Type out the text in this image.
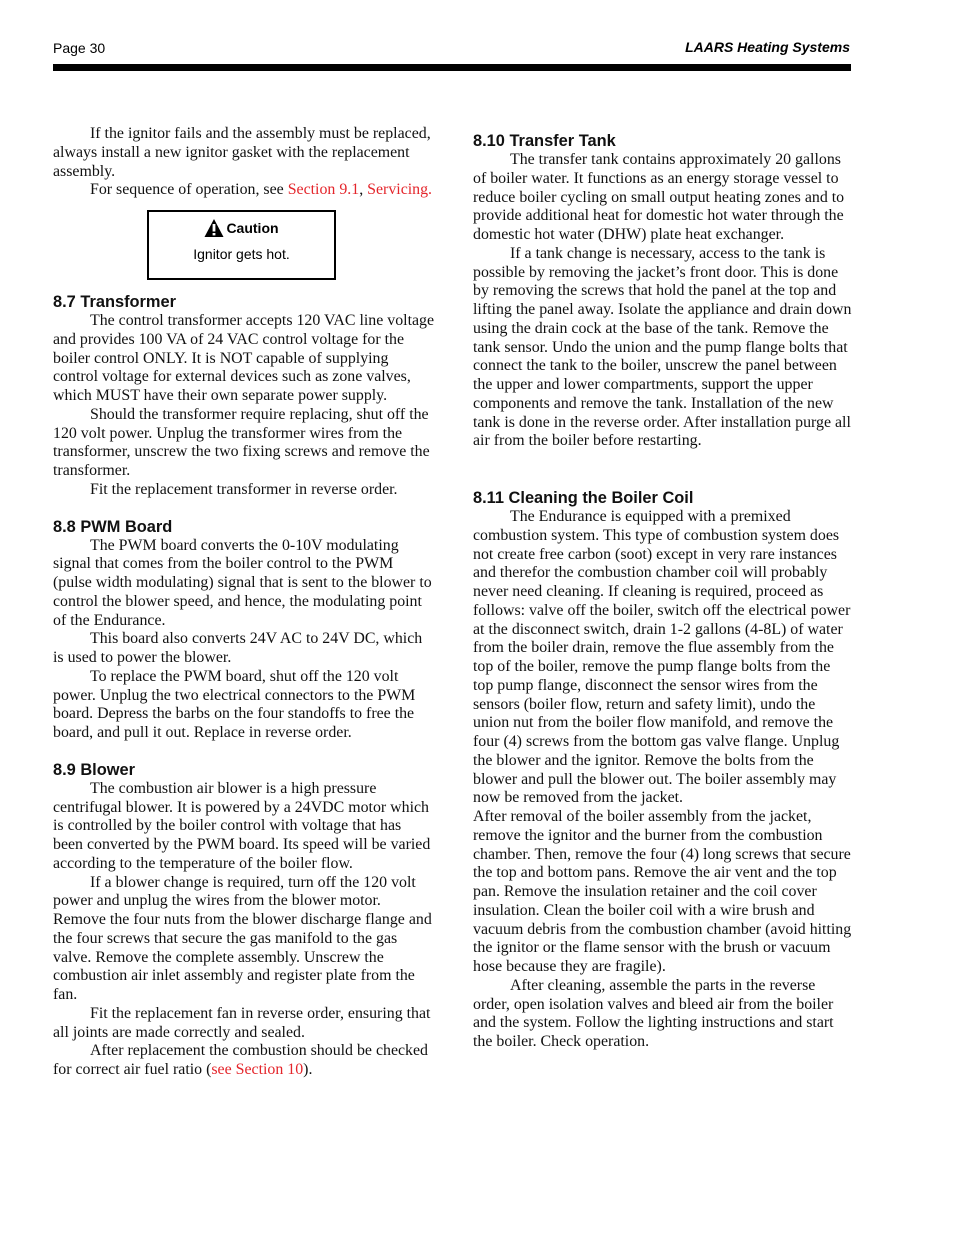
Page 30	LAARS Heating Systems

If the ignitor fails and the assembly must be replaced, always install a new ignitor gasket with the replacement assembly.

For sequence of operation, see Section 9.1, Servicing.

Caution
Ignitor gets hot.
8.7 Transformer

The control transformer accepts 120 VAC line voltage and provides 100 VA of 24 VAC control voltage for the boiler control ONLY. It is NOT capable of supplying control voltage for external devices such as zone valves, which MUST have their own separate power supply.

Should the transformer require replacing, shut off the 120 volt power. Unplug the transformer wires from the transformer, unscrew the two fixing screws and remove the transformer.

Fit the replacement transformer in reverse order.

8.8 PWM Board

The PWM board converts the 0-10V modulating signal that comes from the boiler control to the PWM (pulse width modulating) signal that is sent to the blower to control the blower speed, and hence, the modulating point of the Endurance.

This board also converts 24V AC to 24V DC, which is used to power the blower.

To replace the PWM board, shut off the 120 volt power. Unplug the two electrical connectors to the PWM board. Depress the barbs on the four standoffs to free the board, and pull it out. Replace in reverse order.

8.9 Blower

The combustion air blower is a high pressure centrifugal blower. It is powered by a 24VDC motor which is controlled by the boiler control with voltage that has been converted by the PWM board. Its speed will be varied according to the temperature of the boiler flow.

If a blower change is required, turn off the 120 volt power and unplug the wires from the blower motor. Remove the four nuts from the blower discharge flange and the four screws that secure the gas manifold to the gas valve. Remove the complete assembly. Unscrew the combustion air inlet assembly and register plate from the fan.

Fit the replacement fan in reverse order, ensuring that all joints are made correctly and sealed.

After replacement the combustion should be checked for correct air fuel ratio (see Section 10).

8.10 Transfer Tank

The transfer tank contains approximately 20 gallons of boiler water. It functions as an energy storage vessel to reduce boiler cycling on small output heating zones and to provide additional heat for domestic hot water through the domestic hot water (DHW) plate heat exchanger.

If a tank change is necessary, access to the tank is possible by removing the jacket’s front door. This is done by removing the screws that hold the panel at the top and lifting the panel away. Isolate the appliance and drain down using the drain cock at the base of the tank. Remove the tank sensor. Undo the union and the pump flange bolts that connect the tank to the boiler, unscrew the panel between the upper and lower compartments, support the upper components and remove the tank. Installation of the new tank is done in the reverse order. After installation purge all air from the boiler before restarting.

8.11 Cleaning the Boiler Coil

The Endurance is equipped with a premixed combustion system. This type of combustion system does not create free carbon (soot) except in very rare instances and therefor the combustion chamber coil will probably never need cleaning. If cleaning is required, proceed as follows: valve off the boiler, switch off the electrical power at the disconnect switch, drain 1-2 gallons (4-8L) of water from the boiler drain, remove the flue assembly from the top of the boiler, remove the pump flange bolts from the top pump flange, disconnect the sensor wires from the sensors (boiler flow, return and safety limit), undo the union nut from the boiler flow manifold, and remove the four (4) screws from the bottom gas valve flange. Unplug the blower and the ignitor. Remove the bolts from the blower and pull the blower out. The boiler assembly may now be removed from the jacket.

After removal of the boiler assembly from the jacket, remove the ignitor and the burner from the combustion chamber. Then, remove the four (4) long screws that secure the top and bottom pans. Remove the air vent and the top pan. Remove the insulation retainer and the coil cover insulation. Clean the boiler coil with a wire brush and vacuum debris from the combustion chamber (avoid hitting the ignitor or the flame sensor with the brush or vacuum hose because they are fragile).

After cleaning, assemble the parts in the reverse order, open isolation valves and bleed air from the boiler and the system. Follow the lighting instructions and start the boiler. Check operation.
